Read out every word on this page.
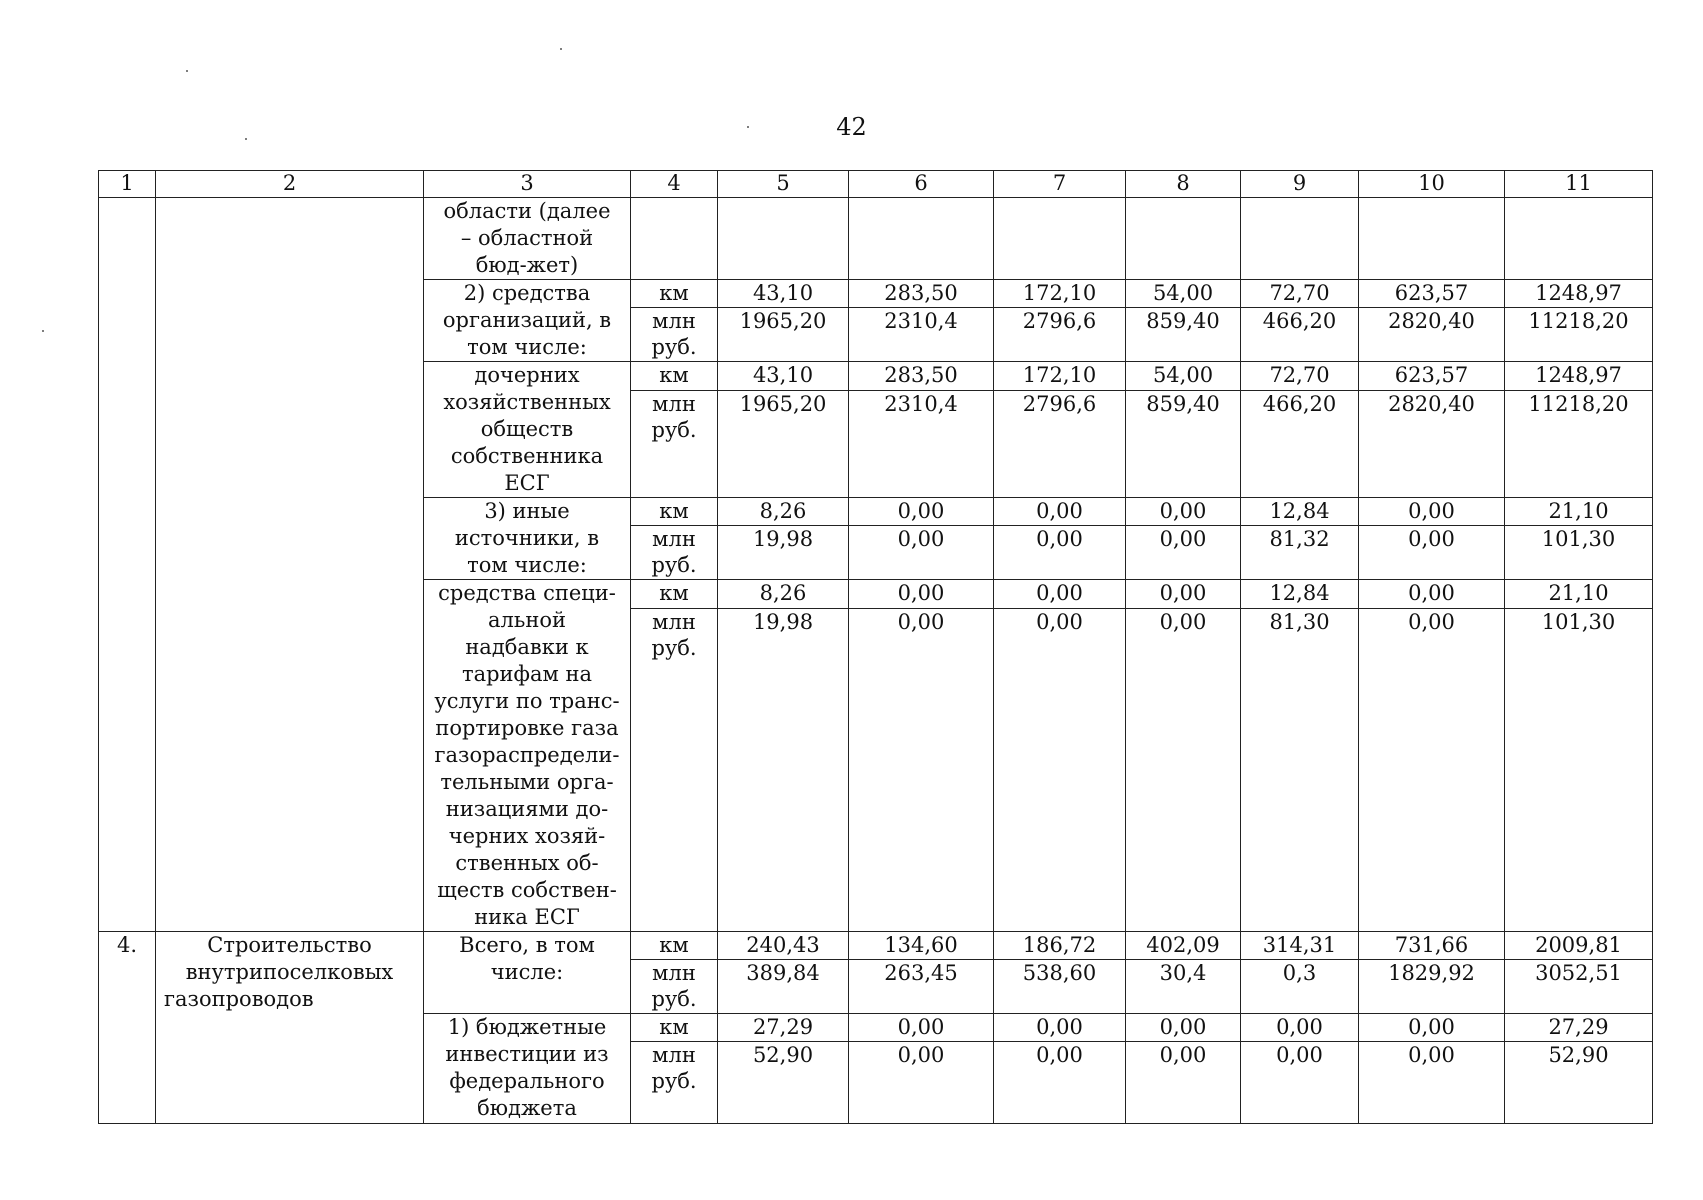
42
1	2	3	4	5	6	7	8	9	10	11
		области (далее – областной бюд-жет)								
		2) средства организаций, в том числе:	км	43,10	283,50	172,10	54,00	72,70	623,57	1248,97
			млн руб.	1965,20	2310,4	2796,6	859,40	466,20	2820,40	11218,20
		дочерних хозяйственных обществ собственника ЕСГ	км	43,10	283,50	172,10	54,00	72,70	623,57	1248,97
			млн руб.	1965,20	2310,4	2796,6	859,40	466,20	2820,40	11218,20
		3) иные источники, в том числе:	км	8,26	0,00	0,00	0,00	12,84	0,00	21,10
			млн руб.	19,98	0,00	0,00	0,00	81,32	0,00	101,30
		средства специ-альной надбавки к тарифам на услуги по транс-портировке газа газораспредели-тельными орга-низациями до-черних хозяй-ственных об-ществ собствен-ника ЕСГ	км	8,26	0,00	0,00	0,00	12,84	0,00	21,10
			млн руб.	19,98	0,00	0,00	0,00	81,30	0,00	101,30
4.	Строительство внутрипоселковых газопроводов	Всего, в том числе:	км	240,43	134,60	186,72	402,09	314,31	731,66	2009,81
			млн руб.	389,84	263,45	538,60	30,4	0,3	1829,92	3052,51
		1) бюджетные инвестиции из федерального бюджета	км	27,29	0,00	0,00	0,00	0,00	0,00	27,29
			млн руб.	52,90	0,00	0,00	0,00	0,00	0,00	52,90
